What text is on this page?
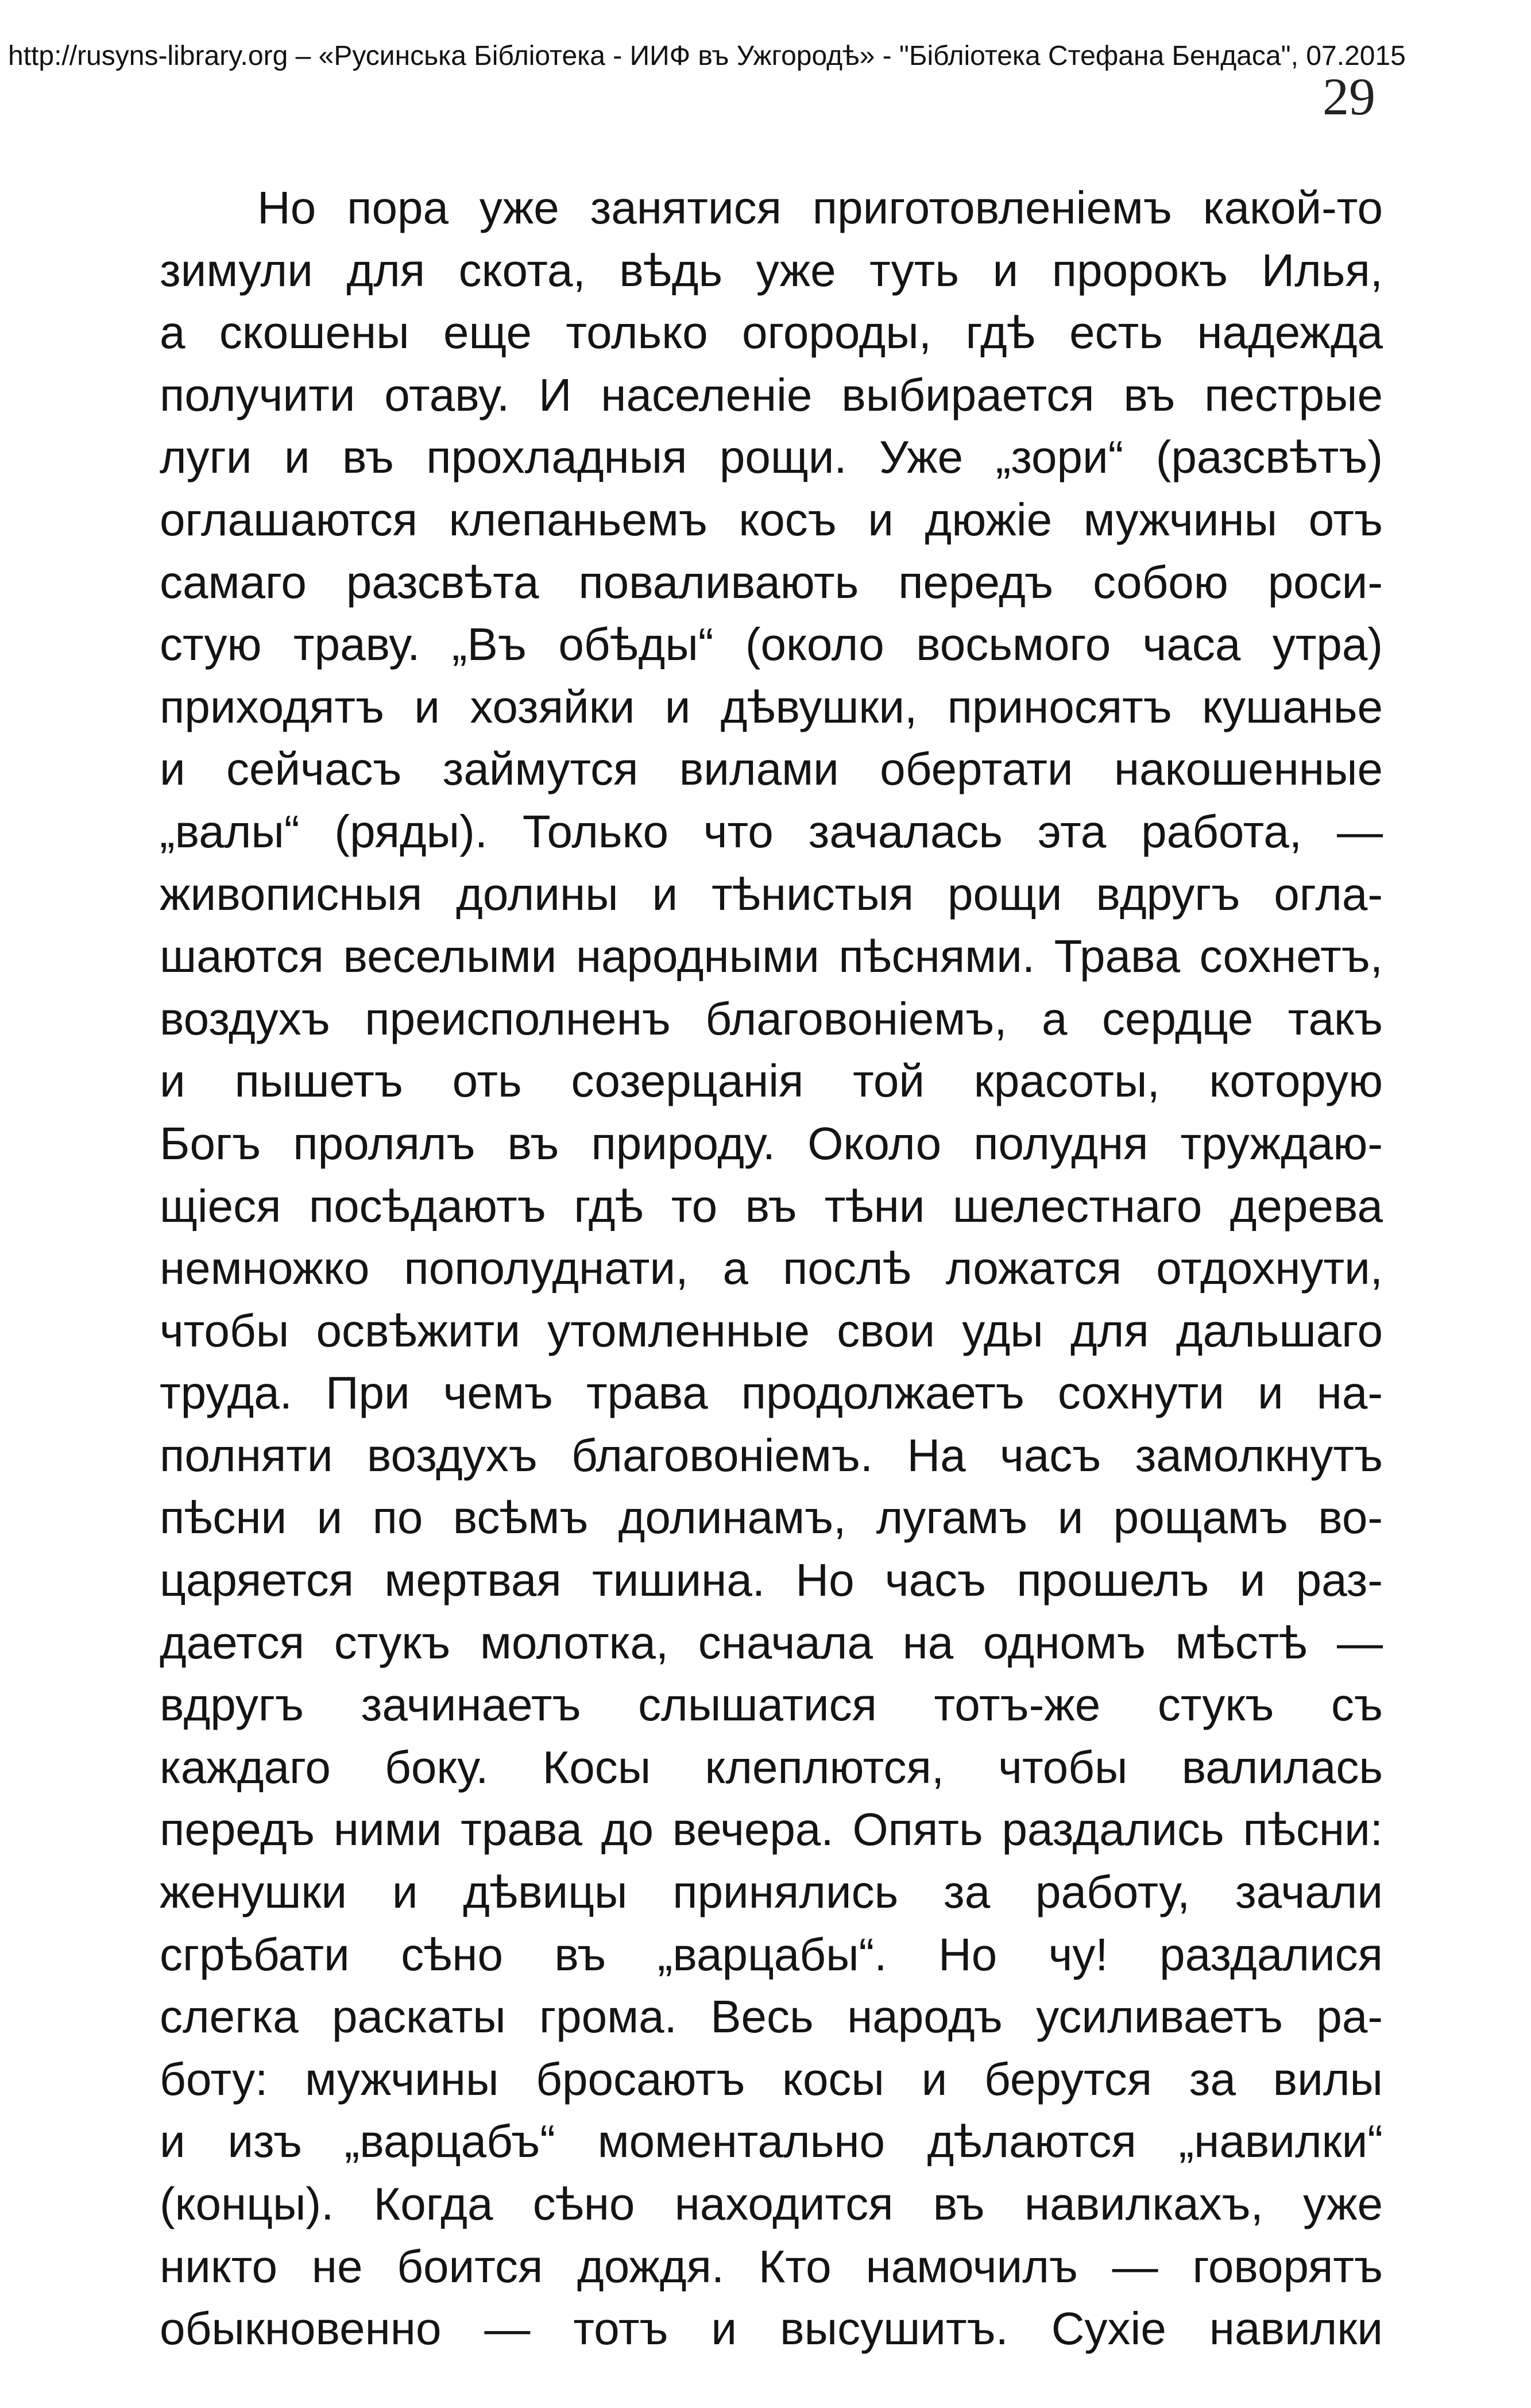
http://rusyns-library.org – «Русинська Бібліотека - ИИФ въ Ужгородѣ» - "Бібліотека Стефана Бендаса", 07.2015
29
Но пора уже занятися приготовленіемъ какой-то
зимули для скота, вѣдь уже туть и пророкъ Илья,
а скошены еще только огороды, гдѣ есть надежда
получити отаву. И населеніе выбирается въ пестрые
луги и въ прохладныя рощи. Уже „зори“ (разсвѣтъ)
оглашаются клепаньемъ косъ и дюжіе мужчины отъ
самаго разсвѣта поваливають передъ собою роси-
стую траву. „Въ обѣды“ (около восьмого часа утра)
приходятъ и хозяйки и дѣвушки, приносятъ кушанье
и сейчасъ займутся вилами обертати накошенные
„валы“ (ряды). Только что зачалась эта работа, —
живописныя долины и тѣнистыя рощи вдругъ огла-
шаются веселыми народными пѣснями. Трава сохнетъ,
воздухъ преисполненъ благовоніемъ, а сердце такъ
и пышетъ оть созерцанія той красоты, которую
Богъ пролялъ въ природу. Около полудня труждаю-
щіеся посѣдаютъ гдѣ то въ тѣни шелестнаго дерева
немножко пополуднати, а послѣ ложатся отдохнути,
чтобы освѣжити утомленные свои уды для дальшаго
труда. При чемъ трава продолжаетъ сохнути и на-
полняти воздухъ благовоніемъ. На часъ замолкнутъ
пѣсни и по всѣмъ долинамъ, лугамъ и рощамъ во-
царяется мертвая тишина. Но часъ прошелъ и раз-
дается стукъ молотка, сначала на одномъ мѣстѣ —
вдругъ зачинаетъ слышатися тотъ-же стукъ съ
каждаго боку. Косы клеплются, чтобы валилась
передъ ними трава до вечера. Опять раздались пѣсни:
женушки и дѣвицы принялись за работу, зачали
сгрѣбати сѣно въ „варцабы“. Но чу! раздалися
слегка раскаты грома. Весь народъ усиливаетъ ра-
боту: мужчины бросаютъ косы и берутся за вилы
и изъ „варцабъ“ моментально дѣлаются „навилки“
(концы). Когда сѣно находится въ навилкахъ, уже
никто не боится дождя. Кто намочилъ — говорятъ
обыкновенно — тотъ и высушитъ. Сухіе навилки
